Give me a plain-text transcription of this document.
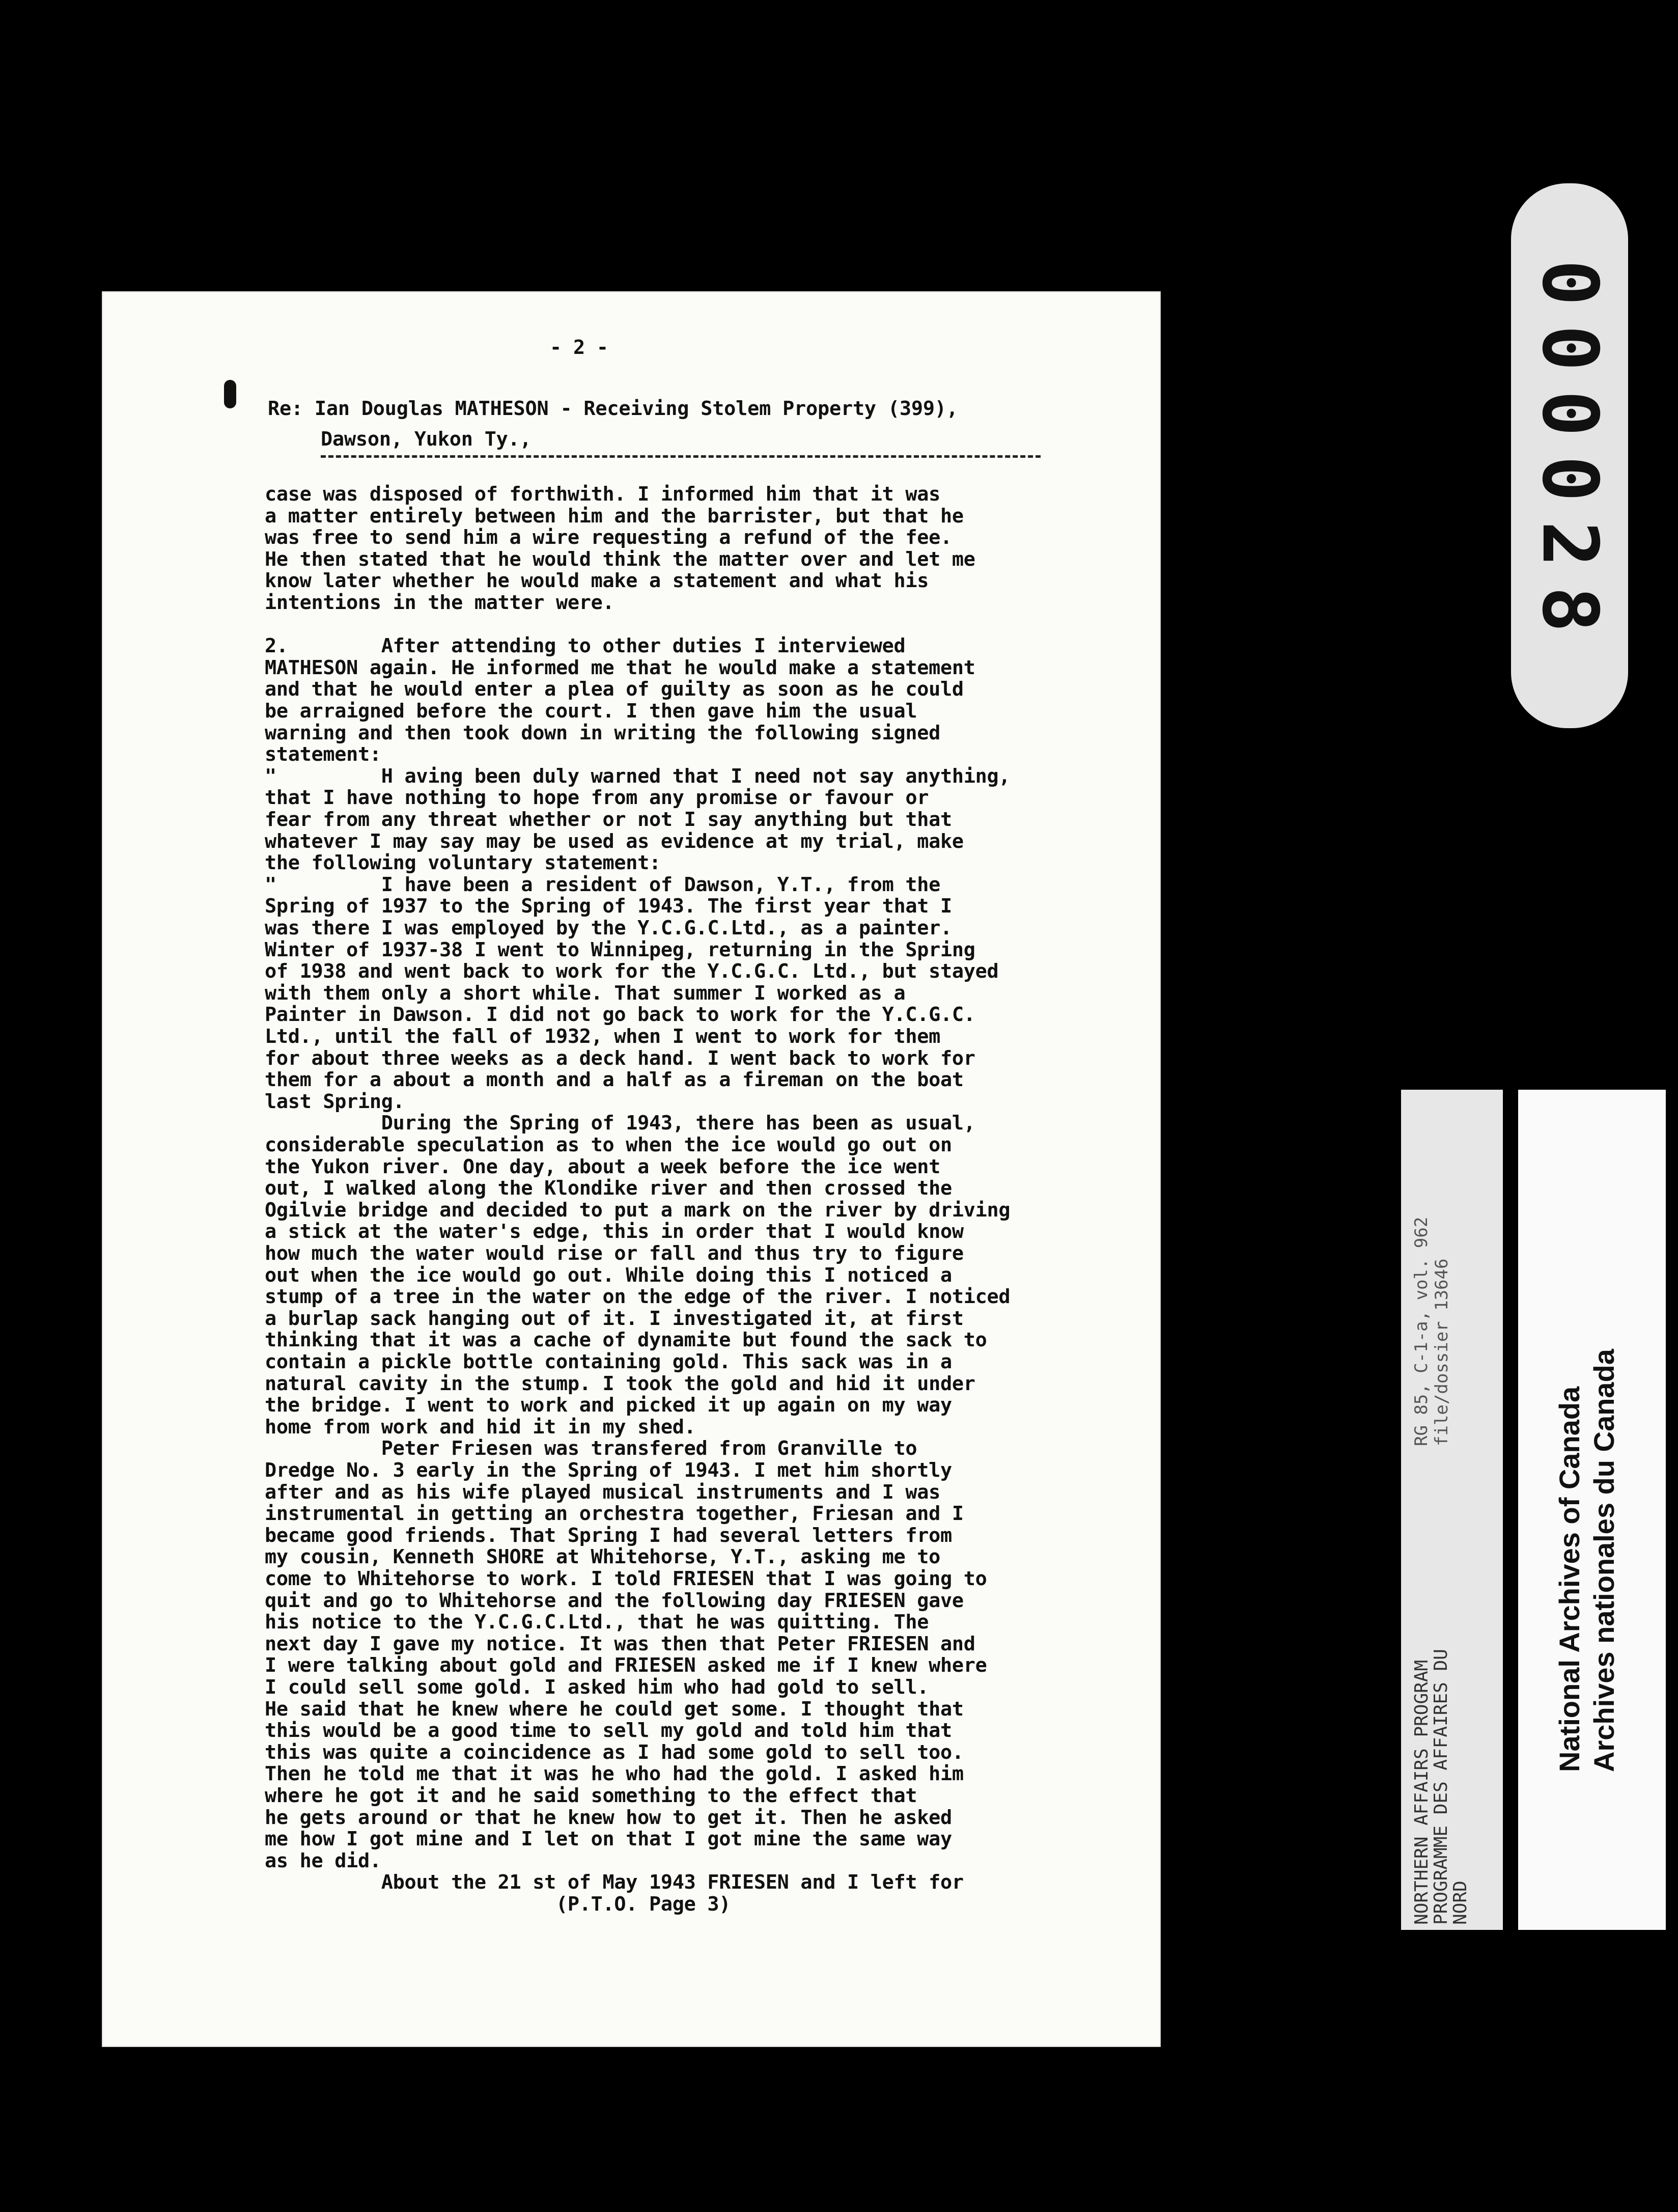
- 2 -
Re: Ian Douglas MATHESON - Receiving Stolem Property (399),
Dawson, Yukon Ty.,
case was disposed of forthwith. I informed him that it was
a matter entirely between him and the barrister, but that he
was free to send him a wire requesting a refund of the fee.
He then stated that he would think the matter over and let me
know later whether he would make a statement and what his
intentions in the matter were.
2.        After attending to other duties I interviewed
MATHESON again. He informed me that he would make a statement
and that he would enter a plea of guilty as soon as he could
be arraigned before the court. I then gave him the usual
warning and then took down in writing the following signed
statement:
"         H aving been duly warned that I need not say anything,
that I have nothing to hope from any promise or favour or
fear from any threat whether or not I say anything but that
whatever I may say may be used as evidence at my trial, make
the following voluntary statement:
"         I have been a resident of Dawson, Y.T., from the
Spring of 1937 to the Spring of 1943. The first year that I
was there I was employed by the Y.C.G.C.Ltd., as a painter.
Winter of 1937-38 I went to Winnipeg, returning in the Spring
of 1938 and went back to work for the Y.C.G.C. Ltd., but stayed
with them only a short while. That summer I worked as a
Painter in Dawson. I did not go back to work for the Y.C.G.C.
Ltd., until the fall of 1932, when I went to work for them
for about three weeks as a deck hand. I went back to work for
them for a about a month and a half as a fireman on the boat
last Spring.
During the Spring of 1943, there has been as usual,
considerable speculation as to when the ice would go out on
the Yukon river. One day, about a week before the ice went
out, I walked along the Klondike river and then crossed the
Ogilvie bridge and decided to put a mark on the river by driving
a stick at the water's edge, this in order that I would know
how much the water would rise or fall and thus try to figure
out when the ice would go out. While doing this I noticed a
stump of a tree in the water on the edge of the river. I noticed
a burlap sack hanging out of it. I investigated it, at first
thinking that it was a cache of dynamite but found the sack to
contain a pickle bottle containing gold. This sack was in a
natural cavity in the stump. I took the gold and hid it under
the bridge. I went to work and picked it up again on my way
home from work and hid it in my shed.
Peter Friesen was transfered from Granville to
Dredge No. 3 early in the Spring of 1943. I met him shortly
after and as his wife played musical instruments and I was
instrumental in getting an orchestra together, Friesan and I
became good friends. That Spring I had several letters from
my cousin, Kenneth SHORE at Whitehorse, Y.T., asking me to
come to Whitehorse to work. I told FRIESEN that I was going to
quit and go to Whitehorse and the following day FRIESEN gave
his notice to the Y.C.G.C.Ltd., that he was quitting. The
next day I gave my notice. It was then that Peter FRIESEN and
I were talking about gold and FRIESEN asked me if I knew where
I could sell some gold. I asked him who had gold to sell.
He said that he knew where he could get some. I thought that
this would be a good time to sell my gold and told him that
this was quite a coincidence as I had some gold to sell too.
Then he told me that it was he who had the gold. I asked him
where he got it and he said something to the effect that
he gets around or that he knew how to get it. Then he asked
me how I got mine and I let on that I got mine the same way
as he did.
About the 21 st of May 1943 FRIESEN and I left for
(P.T.O. Page 3)
000028
NORTHERN AFFAIRS PROGRAM
PROGRAMME DES AFFAIRES DU
NORD
RG 85, C-1-a, vol. 962 file/dossier 13646
National Archives of Canada Archives nationales du Canada
